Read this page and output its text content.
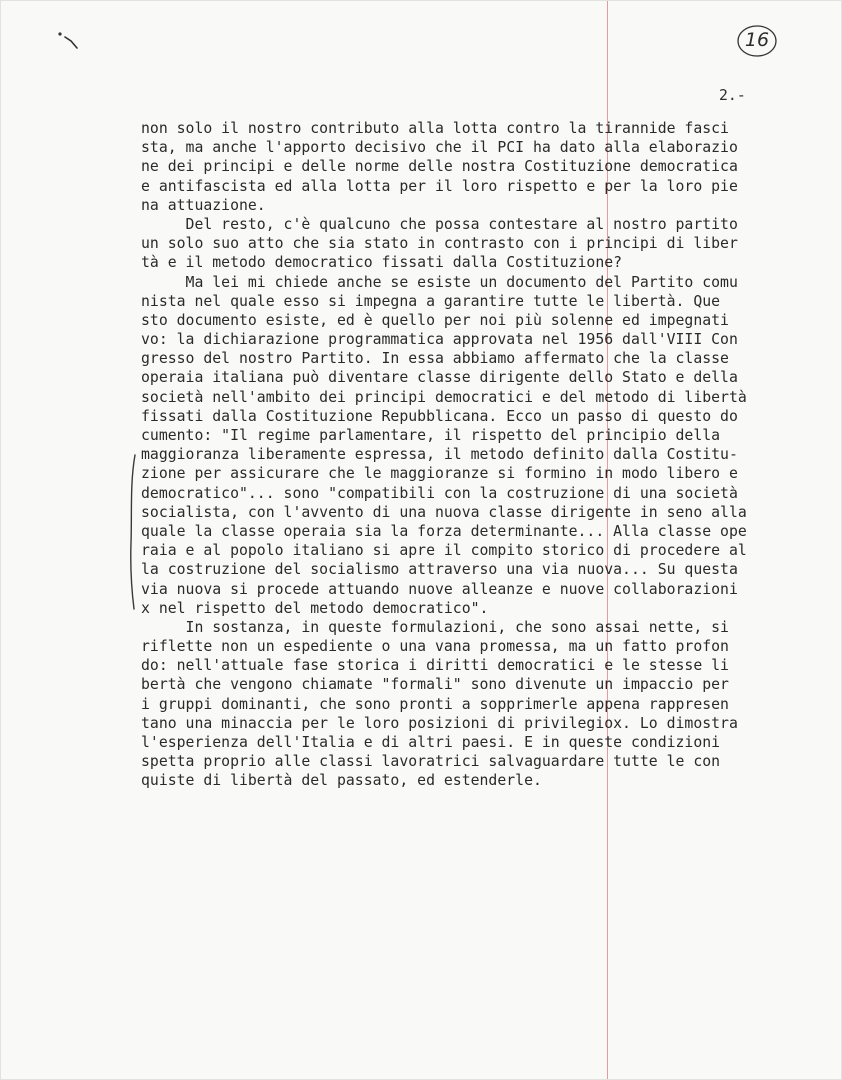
16
2.-
non solo il nostro contributo alla lotta contro la tirannide fasci
sta, ma anche l'apporto decisivo che il PCI ha dato alla elaborazio
ne dei principi e delle norme delle nostra Costituzione democratica
e antifascista ed alla lotta per il loro rispetto e per la loro pie
na attuazione.
Del resto, c'è qualcuno che possa contestare al nostro partito
un solo suo atto che sia stato in contrasto con i principi di liber
tà e il metodo democratico fissati dalla Costituzione?
Ma lei mi chiede anche se esiste un documento del Partito comu
nista nel quale esso si impegna a garantire tutte le libertà. Que
sto documento esiste, ed è quello per noi più solenne ed impegnati
vo: la dichiarazione programmatica approvata nel 1956 dall'VIII Con
gresso del nostro Partito. In essa abbiamo affermato che la classe
operaia italiana può diventare classe dirigente dello Stato e della
società nell'ambito dei principi democratici e del metodo di libertà
fissati dalla Costituzione Repubblicana. Ecco un passo di questo do
cumento: "Il regime parlamentare, il rispetto del principio della
maggioranza liberamente espressa, il metodo definito dalla Costitu-
zione per assicurare che le maggioranze si formino in modo libero e
democratico"... sono "compatibili con la costruzione di una società
socialista, con l'avvento di una nuova classe dirigente in seno alla
quale la classe operaia sia la forza determinante... Alla classe ope
raia e al popolo italiano si apre il compito storico di procedere al
la costruzione del socialismo attraverso una via nuova... Su questa
via nuova si procede attuando nuove alleanze e nuove collaborazioni
x nel rispetto del metodo democratico".
In sostanza, in queste formulazioni, che sono assai nette, si
riflette non un espediente o una vana promessa, ma un fatto profon
do: nell'attuale fase storica i diritti democratici e le stesse li
bertà che vengono chiamate "formali" sono divenute un impaccio per
i gruppi dominanti, che sono pronti a sopprimerle appena rappresen
tano una minaccia per le loro posizioni di privilegiox. Lo dimostra
l'esperienza dell'Italia e di altri paesi. E in queste condizioni
spetta proprio alle classi lavoratrici salvaguardare tutte le con
quiste di libertà del passato, ed estenderle.
